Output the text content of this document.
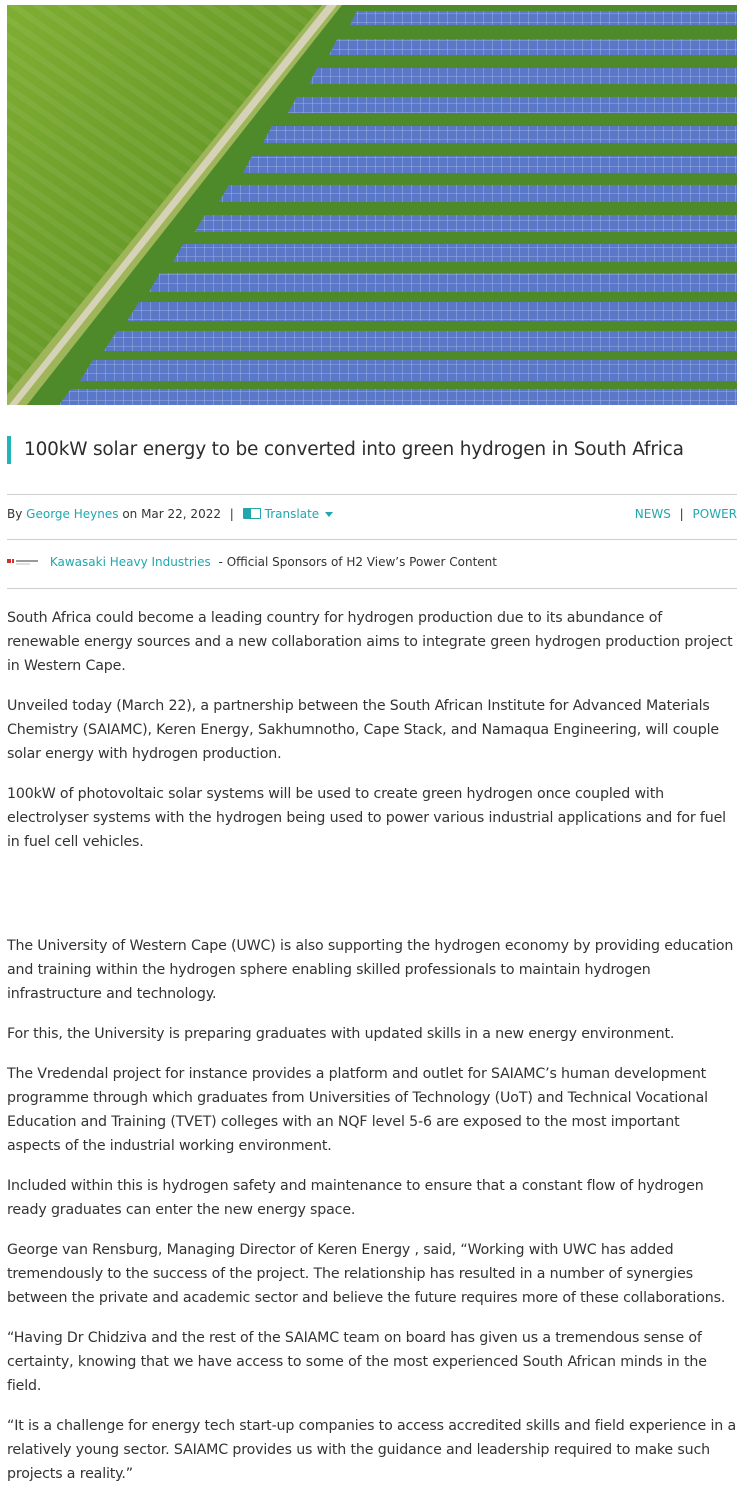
100kW solar energy to be converted into green hydrogen in South Africa
By George Heynes on Mar 22, 2022 |	Translate	NEWS | POWER
Kawasaki Heavy Industries - Official Sponsors of H2 View’s Power Content

South Africa could become a leading country for hydrogen production due to its abundance of renewable energy sources and a new collaboration aims to integrate green hydrogen production project in Western Cape.

Unveiled today (March 22), a partnership between the South African Institute for Advanced Materials Chemistry (SAIAMC), Keren Energy, Sakhumnotho, Cape Stack, and Namaqua Engineering, will couple solar energy with hydrogen production.

100kW of photovoltaic solar systems will be used to create green hydrogen once coupled with electrolyser systems with the hydrogen being used to power various industrial applications and for fuel in fuel cell vehicles.

The University of Western Cape (UWC) is also supporting the hydrogen economy by providing education and training within the hydrogen sphere enabling skilled professionals to maintain hydrogen infrastructure and technology.

For this, the University is preparing graduates with updated skills in a new energy environment.

The Vredendal project for instance provides a platform and outlet for SAIAMC’s human development programme through which graduates from Universities of Technology (UoT) and Technical Vocational Education and Training (TVET) colleges with an NQF level 5-6 are exposed to the most important aspects of the industrial working environment.

Included within this is hydrogen safety and maintenance to ensure that a constant flow of hydrogen ready graduates can enter the new energy space.

George van Rensburg, Managing Director of Keren Energy , said, “Working with UWC has added tremendously to the success of the project. The relationship has resulted in a number of synergies between the private and academic sector and believe the future requires more of these collaborations.

“Having Dr Chidziva and the rest of the SAIAMC team on board has given us a tremendous sense of certainty, knowing that we have access to some of the most experienced South African minds in the field.

“It is a challenge for energy tech start-up companies to access accredited skills and field experience in a relatively young sector. SAIAMC provides us with the guidance and leadership required to make such projects a reality.”
